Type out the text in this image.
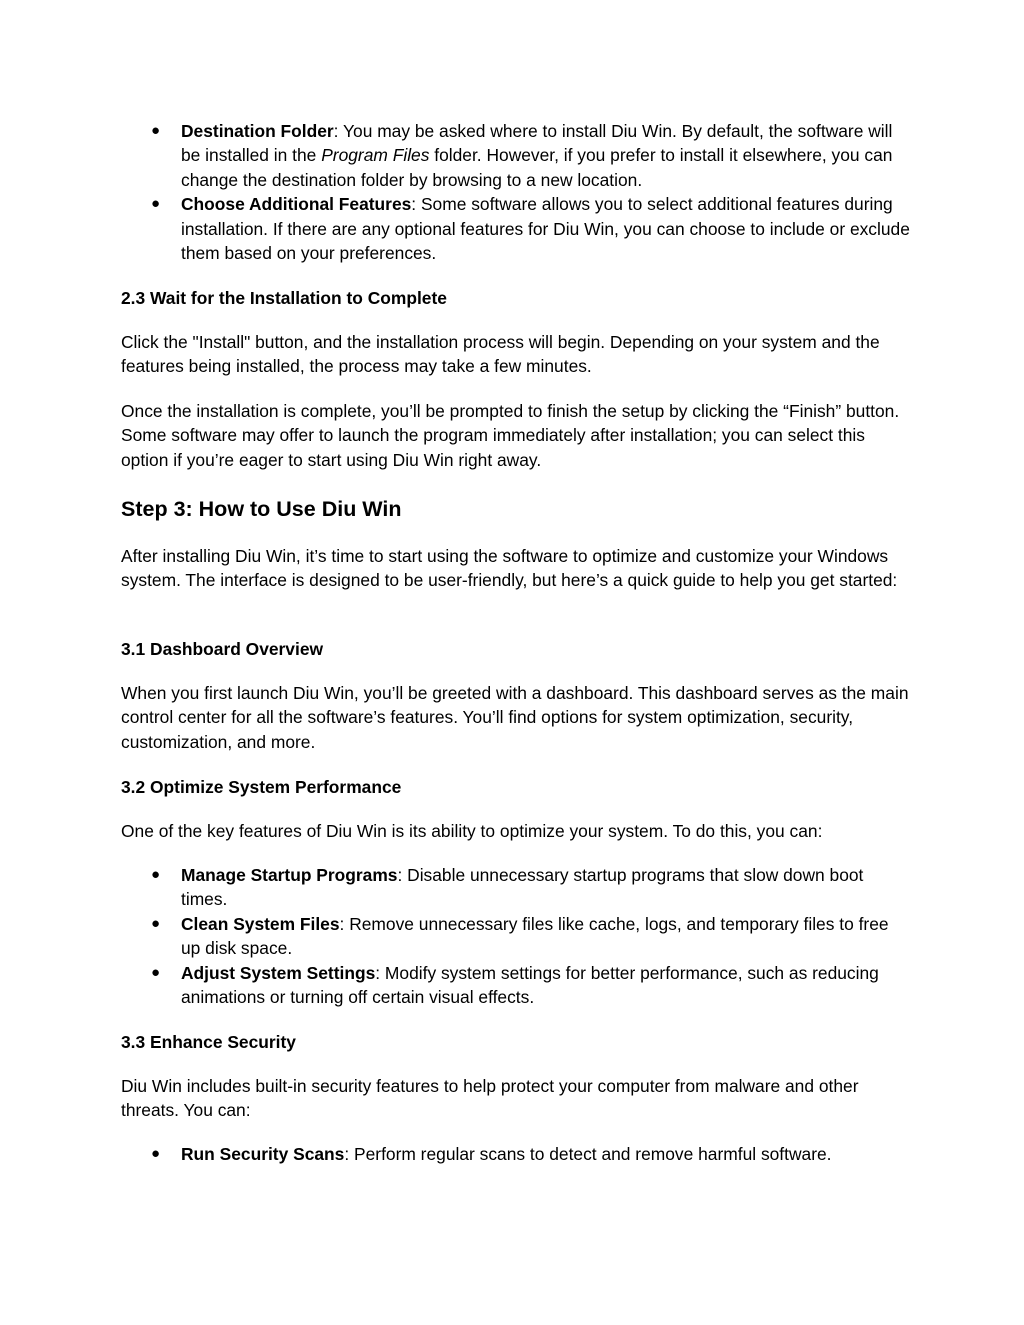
●	Destination Folder: You may be asked where to install Diu Win. By default, the software will be installed in the Program Files folder. However, if you prefer to install it elsewhere, you can change the destination folder by browsing to a new location.
●	Choose Additional Features: Some software allows you to select additional features during installation. If there are any optional features for Diu Win, you can choose to include or exclude them based on your preferences.
2.3 Wait for the Installation to Complete

Click the "Install" button, and the installation process will begin. Depending on your system and the features being installed, the process may take a few minutes.

Once the installation is complete, you’ll be prompted to finish the setup by clicking the “Finish” button. Some software may offer to launch the program immediately after installation; you can select this option if you’re eager to start using Diu Win right away.

Step 3: How to Use Diu Win

After installing Diu Win, it’s time to start using the software to optimize and customize your Windows system. The interface is designed to be user-friendly, but here’s a quick guide to help you get started:

3.1 Dashboard Overview

When you first launch Diu Win, you’ll be greeted with a dashboard. This dashboard serves as the main control center for all the software’s features. You’ll find options for system optimization, security, customization, and more.

3.2 Optimize System Performance

One of the key features of Diu Win is its ability to optimize your system. To do this, you can:

●	Manage Startup Programs: Disable unnecessary startup programs that slow down boot times.
●	Clean System Files: Remove unnecessary files like cache, logs, and temporary files to free up disk space.
●	Adjust System Settings: Modify system settings for better performance, such as reducing animations or turning off certain visual effects.
3.3 Enhance Security

Diu Win includes built-in security features to help protect your computer from malware and other threats. You can:

●	Run Security Scans: Perform regular scans to detect and remove harmful software.
